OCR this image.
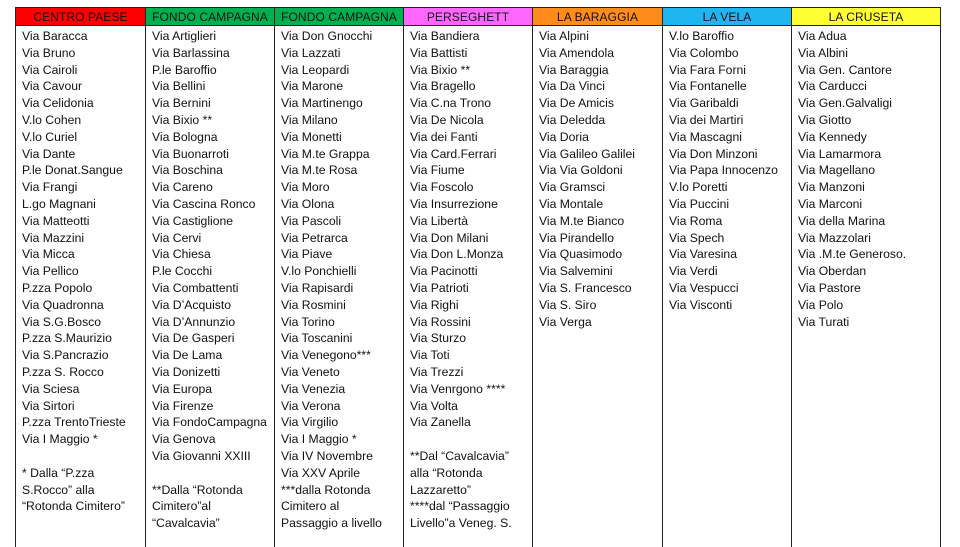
CENTRO PAESE
Via Baracca
Via Bruno
Via Cairoli
Via Cavour
Via Celidonia
V.lo Cohen
V.lo Curiel
Via Dante
P.le Donat.Sangue
Via Frangi
L.go Magnani
Via Matteotti
Via Mazzini
Via Micca
Via Pellico
P.zza Popolo
Via Quadronna
Via S.G.Bosco
P.zza S.Maurizio
Via S.Pancrazio
P.zza S. Rocco
Via Sciesa
Via Sirtori
P.zza TrentoTrieste
Via I Maggio *
* Dalla “P.zza
S.Rocco” alla
“Rotonda Cimitero”
FONDO CAMPAGNA
Via Artiglieri
Via Barlassina
P.le Baroffio
Via Bellini
Via Bernini
Via Bixio **
Via Bologna
Via Buonarroti
Via Boschina
Via Careno
Via Cascina Ronco
Via Castiglione
Via Cervi
Via Chiesa
P.le Cocchi
Via Combattenti
Via D’Acquisto
Via D’Annunzio
Via De Gasperi
Via De Lama
Via Donizetti
Via Europa
Via Firenze
Via FondoCampagna
Via Genova
Via Giovanni XXIII
**Dalla “Rotonda
Cimitero”al
“Cavalcavia”
FONDO CAMPAGNA
Via Don Gnocchi
Via Lazzati
Via Leopardi
Via Marone
Via Martinengo
Via Milano
Via Monetti
Via M.te Grappa
Via M.te Rosa
Via Moro
Via Olona
Via Pascoli
Via Petrarca
Via Piave
V.lo Ponchielli
Via Rapisardi
Via Rosmini
Via Torino
Via Toscanini
Via Venegono***
Via Veneto
Via Venezia
Via Verona
Via Virgilio
Via I Maggio *
Via IV Novembre
Via XXV Aprile
***dalla Rotonda
Cimitero al
Passaggio a livello
PERSEGHETT
Via Bandiera
Via Battisti
Via Bixio **
Via Bragello
Via C.na Trono
Via De Nicola
Via dei Fanti
Via Card.Ferrari
Via Fiume
Via Foscolo
Via Insurrezione
Via Libertà
Via Don Milani
Via Don L.Monza
Via Pacinotti
Via Patrioti
Via Righi
Via Rossini
Via Sturzo
Via Toti
Via Trezzi
Via Venrgono ****
Via Volta
Via Zanella
**Dal “Cavalcavia”
alla “Rotonda
Lazzaretto”
****dal “Passaggio
Livello”a Veneg. S.
LA BARAGGIA
Via Alpini
Via Amendola
Via Baraggia
Via Da Vinci
Via De Amicis
Via Deledda
Via Doria
Via Galileo Galilei
Via Via Goldoni
Via Gramsci
Via Montale
Via M.te Bianco
Via Pirandello
Via Quasimodo
Via Salvemini
Via S. Francesco
Via S. Siro
Via Verga
LA VELA
V.lo Baroffio
Via Colombo
Via Fara Forni
Via Fontanelle
Via Garibaldi
Via dei Martiri
Via Mascagni
Via Don Minzoni
Via Papa Innocenzo
V.lo Poretti
Via Puccini
Via Roma
Via Spech
Via Varesina
Via Verdi
Via Vespucci
Via Visconti
LA CRUSETA
Via Adua
Via Albini
Via Gen. Cantore
Via Carducci
Via Gen.Galvaligi
Via Giotto
Via Kennedy
Via Lamarmora
Via Magellano
Via Manzoni
Via Marconi
Via della Marina
Via Mazzolari
Via .M.te Generoso.
Via Oberdan
Via Pastore
Via Polo
Via Turati
